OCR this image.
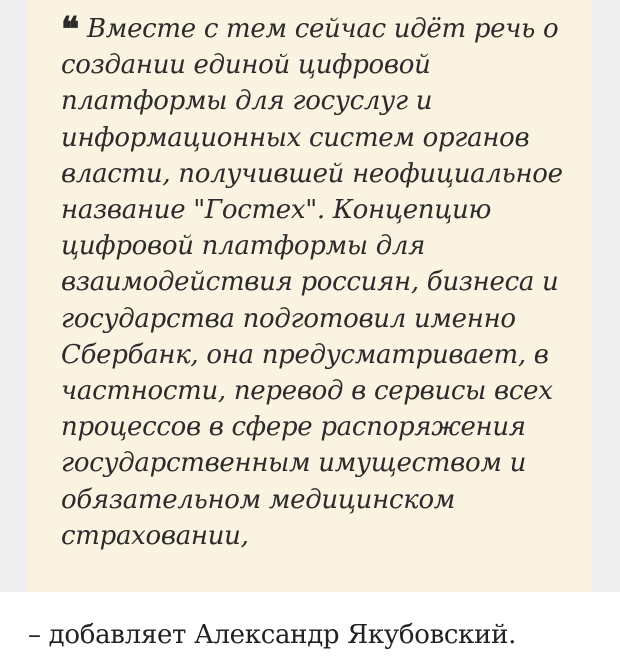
❝ Вместе с тем сейчас идёт речь о создании единой цифровой платформы для госуслуг и информационных систем органов власти, получившей неофициальное название "Гостех". Концепцию цифровой платформы для взаимодействия россиян, бизнеса и государства подготовил именно Сбербанк, она предусматривает, в частности, перевод в сервисы всех процессов в сфере распоряжения государственным имуществом и обязательном медицинском страховании,

– добавляет Александр Якубовский.
